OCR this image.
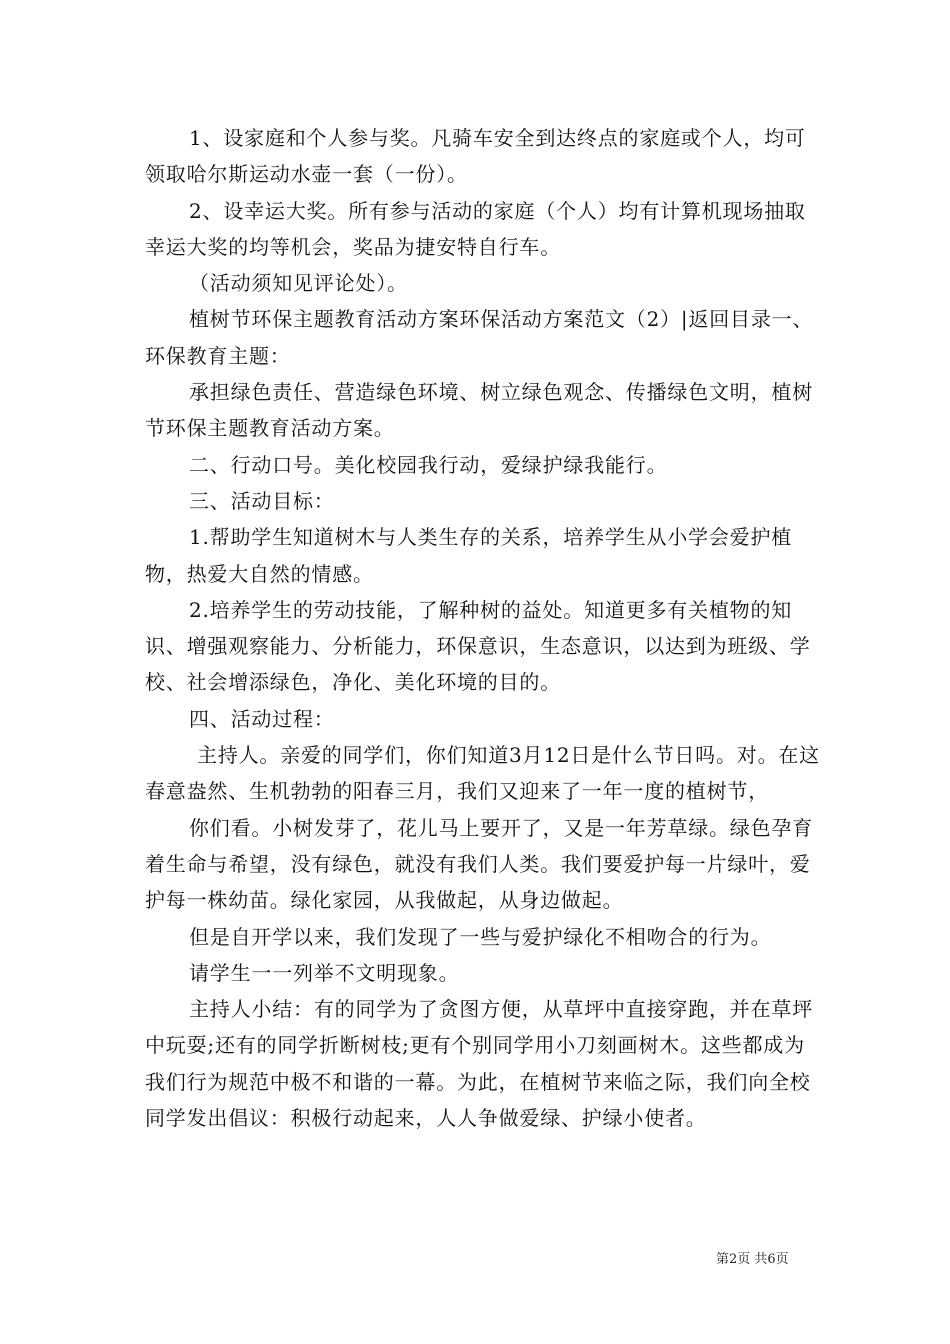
1、设家庭和个人参与奖。凡骑车安全到达终点的家庭或个人，均可领取哈尔斯运动水壶一套（一份）。

2、设幸运大奖。所有参与活动的家庭（个人）均有计算机现场抽取幸运大奖的均等机会，奖品为捷安特自行车。

（活动须知见评论处）。

植树节环保主题教育活动方案环保活动方案范文（2）|返回目录一、环保教育主题：

承担绿色责任、营造绿色环境、树立绿色观念、传播绿色文明，植树节环保主题教育活动方案。

二、行动口号。美化校园我行动，爱绿护绿我能行。

三、活动目标：

1.帮助学生知道树木与人类生存的关系，培养学生从小学会爱护植物，热爱大自然的情感。

2.培养学生的劳动技能，了解种树的益处。知道更多有关植物的知识、增强观察能力、分析能力，环保意识，生态意识，以达到为班级、学校、社会增添绿色，净化、美化环境的目的。

四、活动过程：

主持人。亲爱的同学们，你们知道3月12日是什么节日吗。对。在这春意盎然、生机勃勃的阳春三月，我们又迎来了一年一度的植树节，

你们看。小树发芽了，花儿马上要开了，又是一年芳草绿。绿色孕育着生命与希望，没有绿色，就没有我们人类。我们要爱护每一片绿叶，爱护每一株幼苗。绿化家园，从我做起，从身边做起。

但是自开学以来，我们发现了一些与爱护绿化不相吻合的行为。

请学生一一列举不文明现象。

主持人小结：有的同学为了贪图方便，从草坪中直接穿跑，并在草坪中玩耍;还有的同学折断树枝;更有个别同学用小刀刻画树木。这些都成为我们行为规范中极不和谐的一幕。为此，在植树节来临之际，我们向全校同学发出倡议：积极行动起来，人人争做爱绿、护绿小使者。

第2页 共6页
